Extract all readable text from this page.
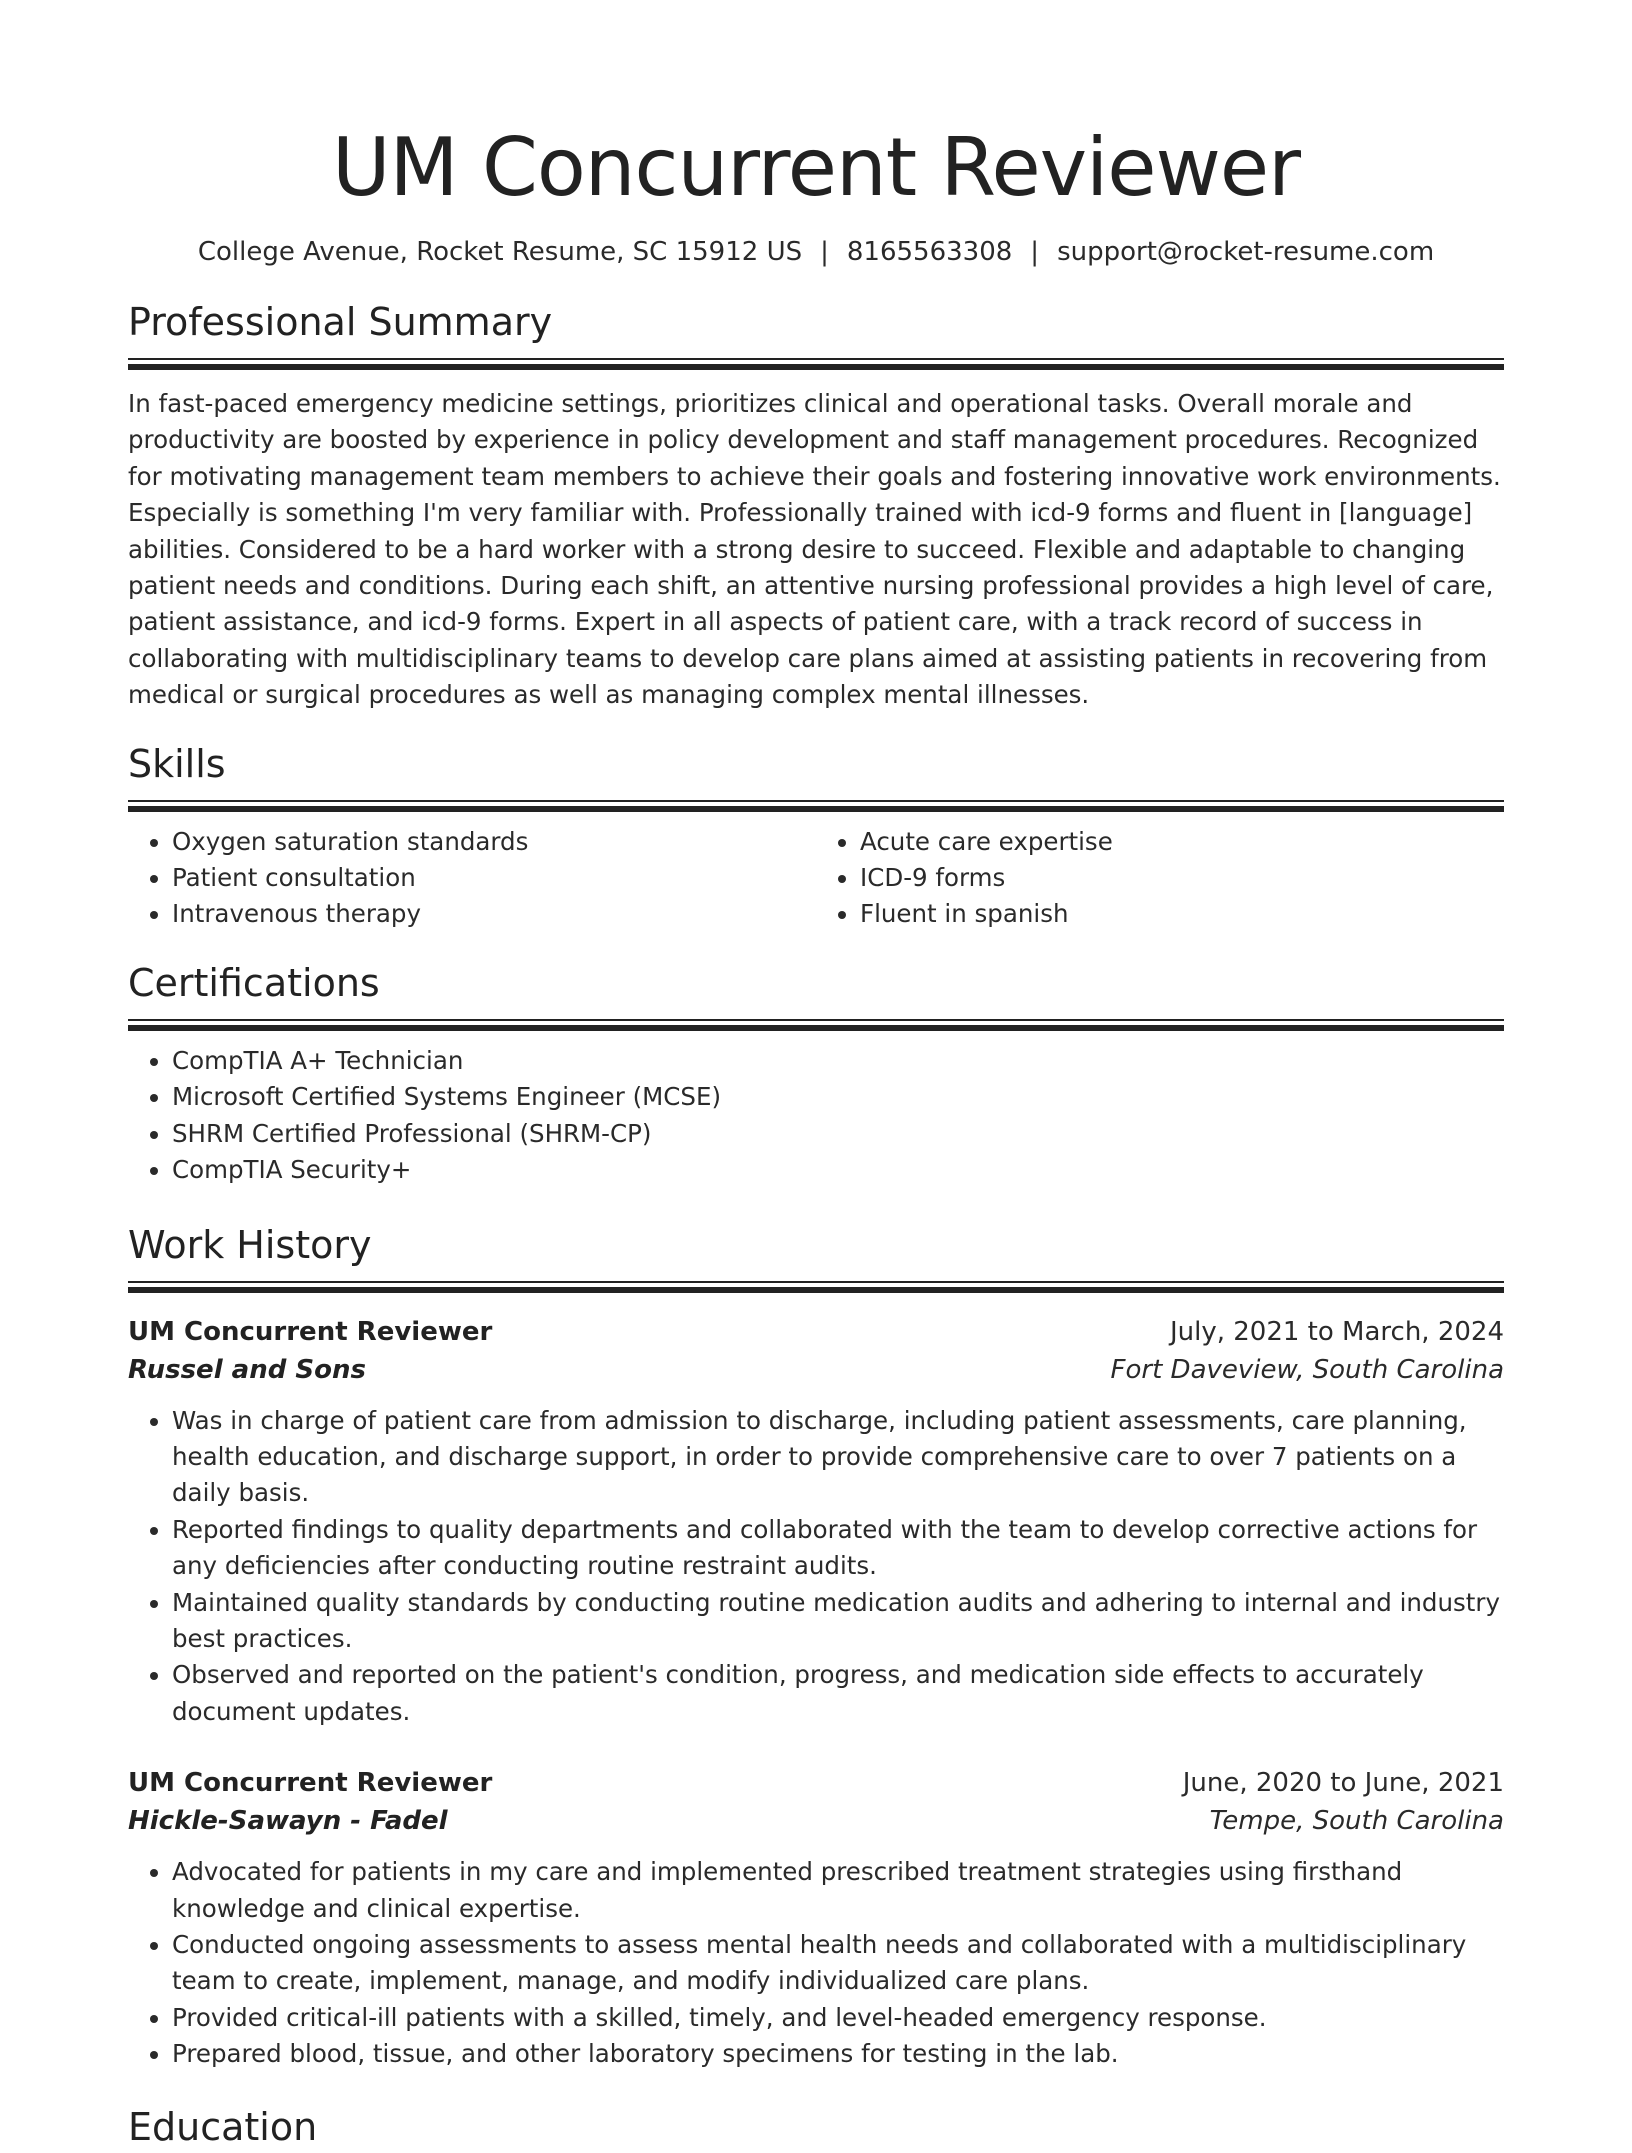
UM Concurrent Reviewer
College Avenue, Rocket Resume, SC 15912 US | 8165563308 | support@rocket-resume.com
Professional Summary

In fast-paced emergency medicine settings, prioritizes clinical and operational tasks. Overall morale and productivity are boosted by experience in policy development and staff management procedures. Recognized for motivating management team members to achieve their goals and fostering innovative work environments. Especially is something I'm very familiar with. Professionally trained with icd-9 forms and fluent in [language] abilities. Considered to be a hard worker with a strong desire to succeed. Flexible and adaptable to changing patient needs and conditions. During each shift, an attentive nursing professional provides a high level of care, patient assistance, and icd-9 forms. Expert in all aspects of patient care, with a track record of success in collaborating with multidisciplinary teams to develop care plans aimed at assisting patients in recovering from medical or surgical procedures as well as managing complex mental illnesses.

Skills
• Oxygen saturation standards
• Patient consultation
• Intravenous therapy
• Acute care expertise
• ICD-9 forms
• Fluent in spanish
Certifications
• CompTIA A+ Technician
• Microsoft Certified Systems Engineer (MCSE)
• SHRM Certified Professional (SHRM-CP)
• CompTIA Security+
Work History
UM Concurrent Reviewer	July, 2021 to March, 2024
Russel and Sons	Fort Daveview, South Carolina
• Was in charge of patient care from admission to discharge, including patient assessments, care planning, health education, and discharge support, in order to provide comprehensive care to over 7 patients on a daily basis.
• Reported findings to quality departments and collaborated with the team to develop corrective actions for any deficiencies after conducting routine restraint audits.
• Maintained quality standards by conducting routine medication audits and adhering to internal and industry best practices.
• Observed and reported on the patient's condition, progress, and medication side effects to accurately document updates.
UM Concurrent Reviewer	June, 2020 to June, 2021
Hickle-Sawayn - Fadel	Tempe, South Carolina
• Advocated for patients in my care and implemented prescribed treatment strategies using firsthand knowledge and clinical expertise.
• Conducted ongoing assessments to assess mental health needs and collaborated with a multidisciplinary team to create, implement, manage, and modify individualized care plans.
• Provided critical-ill patients with a skilled, timely, and level-headed emergency response.
• Prepared blood, tissue, and other laboratory specimens for testing in the lab.
Education
